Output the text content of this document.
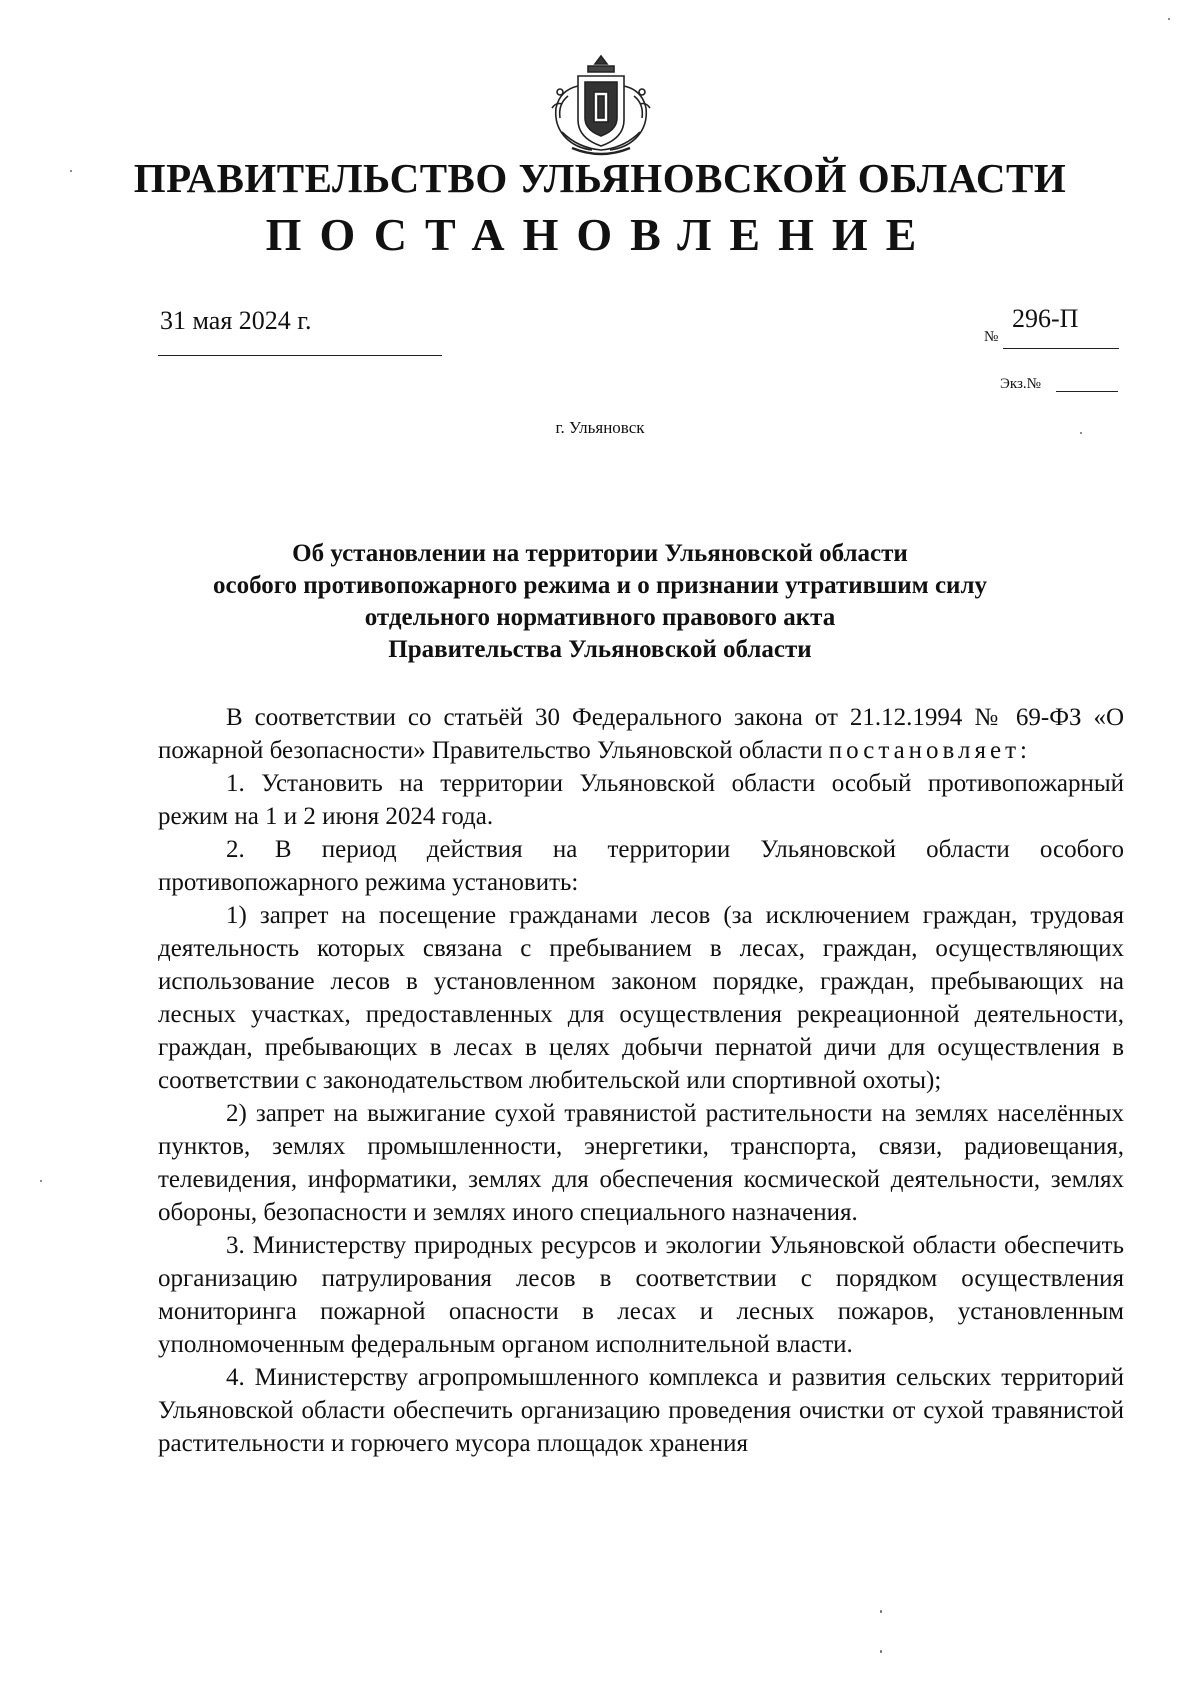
ПРАВИТЕЛЬСТВО УЛЬЯНОВСКОЙ ОБЛАСТИ
ПОСТАНОВЛЕНИЕ
31 мая 2024 г.
№
296-П
Экз.№
г. Ульяновск
Об установлении на территории Ульяновской области
особого противопожарного режима и о признании утратившим силу
отдельного нормативного правового акта
Правительства Ульяновской области

В соответствии со статьёй 30 Федерального закона от 21.12.1994 № 69-ФЗ «О пожарной безопасности» Правительство Ульяновской области постановляет:

1. Установить на территории Ульяновской области особый противопожарный режим на 1 и 2 июня 2024 года.

2. В период действия на территории Ульяновской области особого противопожарного режима установить:

1) запрет на посещение гражданами лесов (за исключением граждан, трудовая деятельность которых связана с пребыванием в лесах, граждан, осуществляющих использование лесов в установленном законом порядке, граждан, пребывающих на лесных участках, предоставленных для осуществления рекреационной деятельности, граждан, пребывающих в лесах в целях добычи пернатой дичи для осуществления в соответствии с законодательством любительской или спортивной охоты);

2) запрет на выжигание сухой травянистой растительности на землях населённых пунктов, землях промышленности, энергетики, транспорта, связи, радиовещания, телевидения, информатики, землях для обеспечения космической деятельности, землях обороны, безопасности и землях иного специального назначения.

3. Министерству природных ресурсов и экологии Ульяновской области обеспечить организацию патрулирования лесов в соответствии с порядком осуществления мониторинга пожарной опасности в лесах и лесных пожаров, установленным уполномоченным федеральным органом исполнительной власти.

4. Министерству агропромышленного комплекса и развития сельских территорий Ульяновской области обеспечить организацию проведения очистки от сухой травянистой растительности и горючего мусора площадок хранения
